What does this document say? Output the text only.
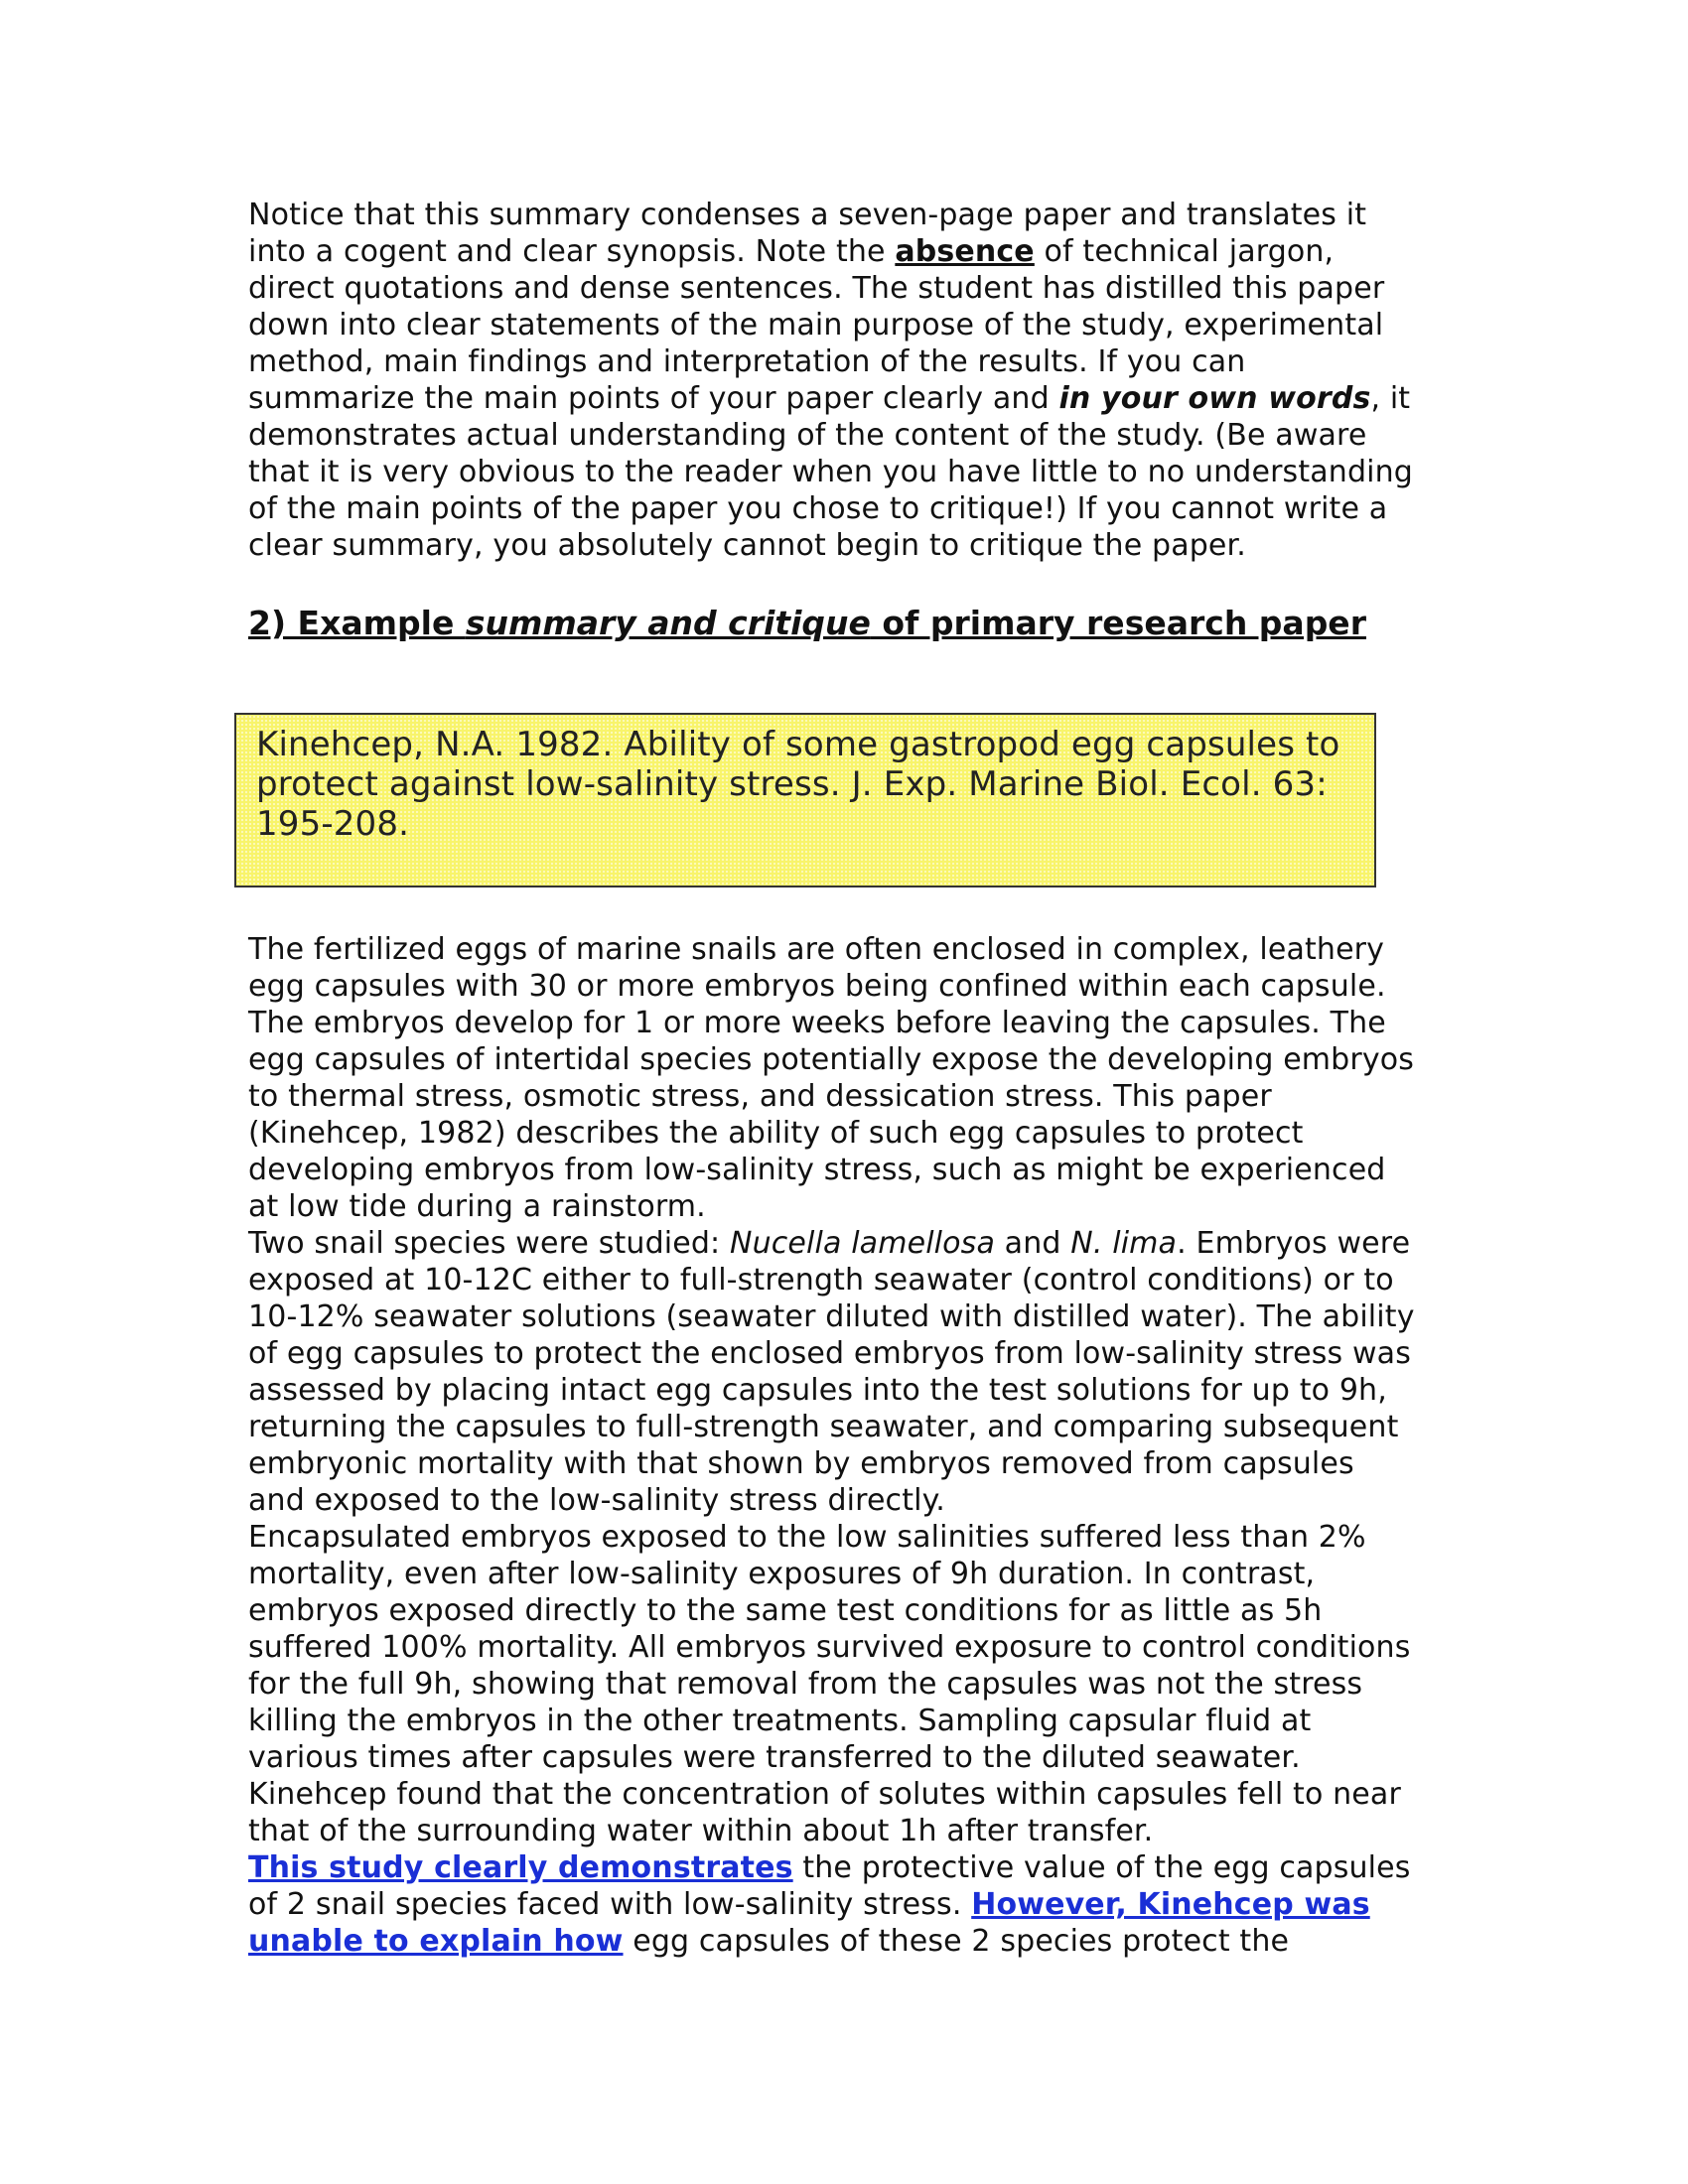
Notice that this summary condenses a seven-page paper and translates it into a cogent and clear synopsis. Note the absence of technical jargon, direct quotations and dense sentences. The student has distilled this paper down into clear statements of the main purpose of the study, experimental method, main findings and interpretation of the results. If you can summarize the main points of your paper clearly and in your own words, it demonstrates actual understanding of the content of the study. (Be aware that it is very obvious to the reader when you have little to no understanding of the main points of the paper you chose to critique!) If you cannot write a clear summary, you absolutely cannot begin to critique the paper.

2) Example summary and critique of primary research paper

Kinehcep, N.A. 1982. Ability of some gastropod egg capsules to protect against low-salinity stress. J. Exp. Marine Biol. Ecol. 63: 195-208.

The fertilized eggs of marine snails are often enclosed in complex, leathery egg capsules with 30 or more embryos being confined within each capsule. The embryos develop for 1 or more weeks before leaving the capsules. The egg capsules of intertidal species potentially expose the developing embryos to thermal stress, osmotic stress, and dessication stress. This paper (Kinehcep, 1982) describes the ability of such egg capsules to protect developing embryos from low-salinity stress, such as might be experienced at low tide during a rainstorm.

Two snail species were studied: Nucella lamellosa and N. lima. Embryos were exposed at 10-12C either to full-strength seawater (control conditions) or to 10-12% seawater solutions (seawater diluted with distilled water). The ability of egg capsules to protect the enclosed embryos from low-salinity stress was assessed by placing intact egg capsules into the test solutions for up to 9h, returning the capsules to full-strength seawater, and comparing subsequent embryonic mortality with that shown by embryos removed from capsules and exposed to the low-salinity stress directly.

Encapsulated embryos exposed to the low salinities suffered less than 2% mortality, even after low-salinity exposures of 9h duration. In contrast, embryos exposed directly to the same test conditions for as little as 5h suffered 100% mortality. All embryos survived exposure to control conditions for the full 9h, showing that removal from the capsules was not the stress killing the embryos in the other treatments. Sampling capsular fluid at various times after capsules were transferred to the diluted seawater. Kinehcep found that the concentration of solutes within capsules fell to near that of the surrounding water within about 1h after transfer.

This study clearly demonstrates the protective value of the egg capsules of 2 snail species faced with low-salinity stress. However, Kinehcep was unable to explain how egg capsules of these 2 species protect the
